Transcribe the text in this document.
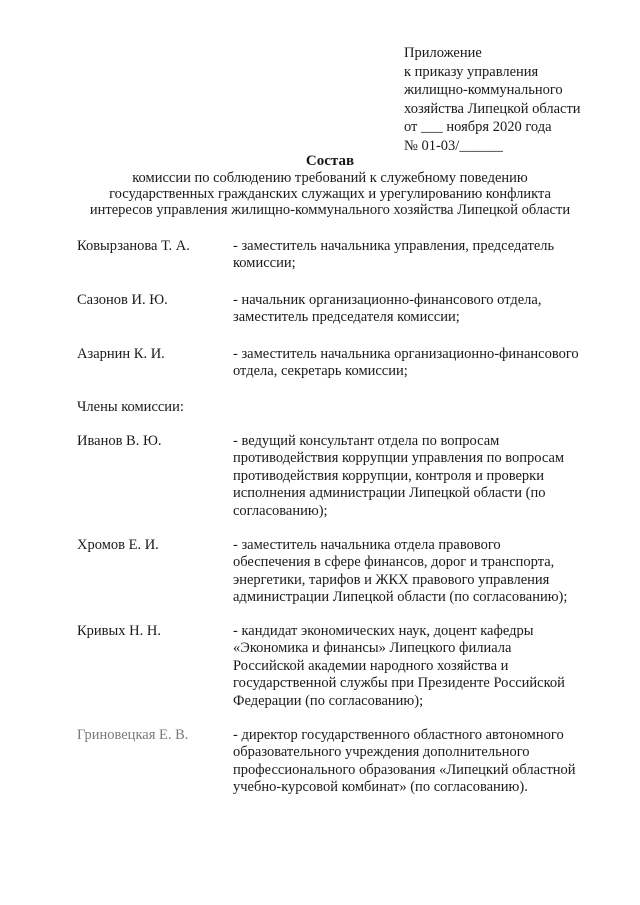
Приложение
к приказу управления
жилищно-коммунального
хозяйства Липецкой области
от ___ ноября 2020 года
№ 01-03/______
Состав
комиссии по соблюдению требований к служебному поведению
государственных гражданских служащих и урегулированию конфликта
интересов управления жилищно-коммунального хозяйства Липецкой области
Ковырзанова Т. А.	- заместитель начальника управления, председатель
комиссии;
Сазонов И. Ю.	- начальник организационно-финансового отдела,
заместитель председателя комиссии;
Азарнин К. И.	- заместитель начальника организационно-финансового
отдела, секретарь комиссии;
Члены комиссии:
Иванов В. Ю.	- ведущий консультант отдела по вопросам
противодействия коррупции управления по вопросам
противодействия коррупции, контроля и проверки
исполнения администрации Липецкой области (по
согласованию);
Хромов Е. И.	- заместитель начальника отдела правового
обеспечения в сфере финансов, дорог и транспорта,
энергетики, тарифов и ЖКХ правового управления
администрации Липецкой области (по согласованию);
Кривых Н. Н.	- кандидат экономических наук, доцент кафедры
«Экономика и финансы» Липецкого филиала
Российской академии народного хозяйства и
государственной службы при Президенте Российской
Федерации (по согласованию);
Гриновецкая Е. В.	- директор государственного областного автономного
образовательного учреждения дополнительного
профессионального образования «Липецкий областной
учебно-курсовой комбинат» (по согласованию).
